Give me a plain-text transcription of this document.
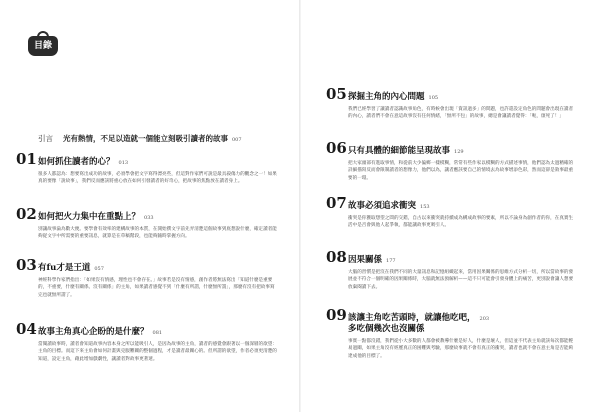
目錄
引言 光有熱情，不足以造就一個能立刻吸引讀者的故事 007
01 如何抓住讀者的心？ 013
很多人都認為：想要寫出成功的故事，必須學會把文字寫得漂亮些，但這對作家們可說是最具殺傷力的觀念之一！如果真的要像「說故事」，我們反而應該將重心放在如何引發讀者的好奇心，把故事的焦點放在讀者身上。
02 如何把火力集中在重點上？ 033
別讓故事淪為數大便。要學會有效率的建構故事的本質，在開始撰文字前先弄清楚這個故事到底想說什麼，確定讀者能夠從文字中所需要的重要訊息，就算是在草稿階段，也能夠隨時掌握方向。
03 有fu才是王道 057
神經科學作家們指出：「如果沒有情感，理性也不會存在。」故事若是沒有情感，創作者將無法寫出「知道什麼是重要的，不重要，什麼有關係、沒有關係」的主角，如果讀者感覺不到「什麼有所謂，什麼無所謂」，那麼有沒有把故事寫完也就無所謂了。
04 故事主角真心企盼的是什麼？ 081
當閱讀故事時，讀者會知道故事內容本身之所以能吸引人，是因為故事的主角，讀者的感覺會跟著以一個深層的欲望：主角的目標。而這下來主角會如何計畫與克服難關的整個過程，才是讀者最關心的。但所謂的欲望，作者必須更清楚的知道，設定主角，藉此增加戲劇性，讓讀者對故事更著迷。
05 探掘主角的內心問題 105
我們已經學習了讓讀者認識故事角色，有時候會出現「資訊過多」的問題，也許還設定角色的問題會出現在讀者的內心，讀者們不會在意這故事沒有任何情緒，「無所不包」的故事，總是會讓讀者覺得：「呃，煩死了！」
06 只有具體的細節能呈現故事 129
把大家頭部有進取事情，和從前大少偏鄉一樣模糊，常常有些作家以模糊的方式描述事情，他們認為太過精確的詳細描寫反而會限制讀者的想像力，他們以為，讓者應該要自己的情境去為故事增添色彩，然而這卻是敘事最重要的一環。
07 故事必須追求衝突 153
衝突是你獲取想望之間的交錯，自古以來衝突就持續成為構成故事的要素，所以不論身為創作者的你，在真實生活中是否會與他人起爭執，都能讓故事更吸引人。
08 因果關係 177
大腦的習慣是把沒在我們不同的大量訊息和記憶組織起來，當用因果關係的思維方式分析一切，所以當故事的發展並不符合一個明確的因果關係時，大腦就無法預解析——這不只可能會引發身體上的痛苦，更別說會讓人想要放棄閱讀下去。
09 該讓主角吃苦頭時，就讓他吃吧， 203
多吃個幾次也沒關係
事實一點都沒錯，我們從小大多數的人都會被教導什麼是好人，什麼是壞人，但這並不代表主角就該每次都能輕易過關，如果主角沒有經歷真正的困難與考驗，那麼故事就不會有真正的衝突，讀者也就不會在意主角是否能夠達成他的目標了。
